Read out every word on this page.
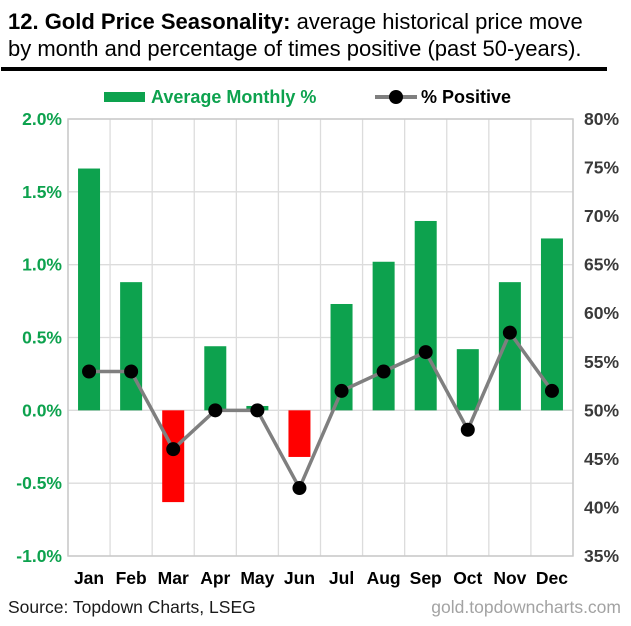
12. Gold Price Seasonality: average historical price move by month and percentage of times positive (past 50-years).
Average Monthly %	% Positive
2.0%
1.5%
1.0%
0.5%
0.0%
-0.5%
-1.0%
80%
75%
70%
65%
60%
55%
50%
45%
40%
35%
Jan Feb Mar Apr May Jun Jul Aug Sep Oct Nov Dec
Source: Topdown Charts, LSEG	gold.topdowncharts.com
